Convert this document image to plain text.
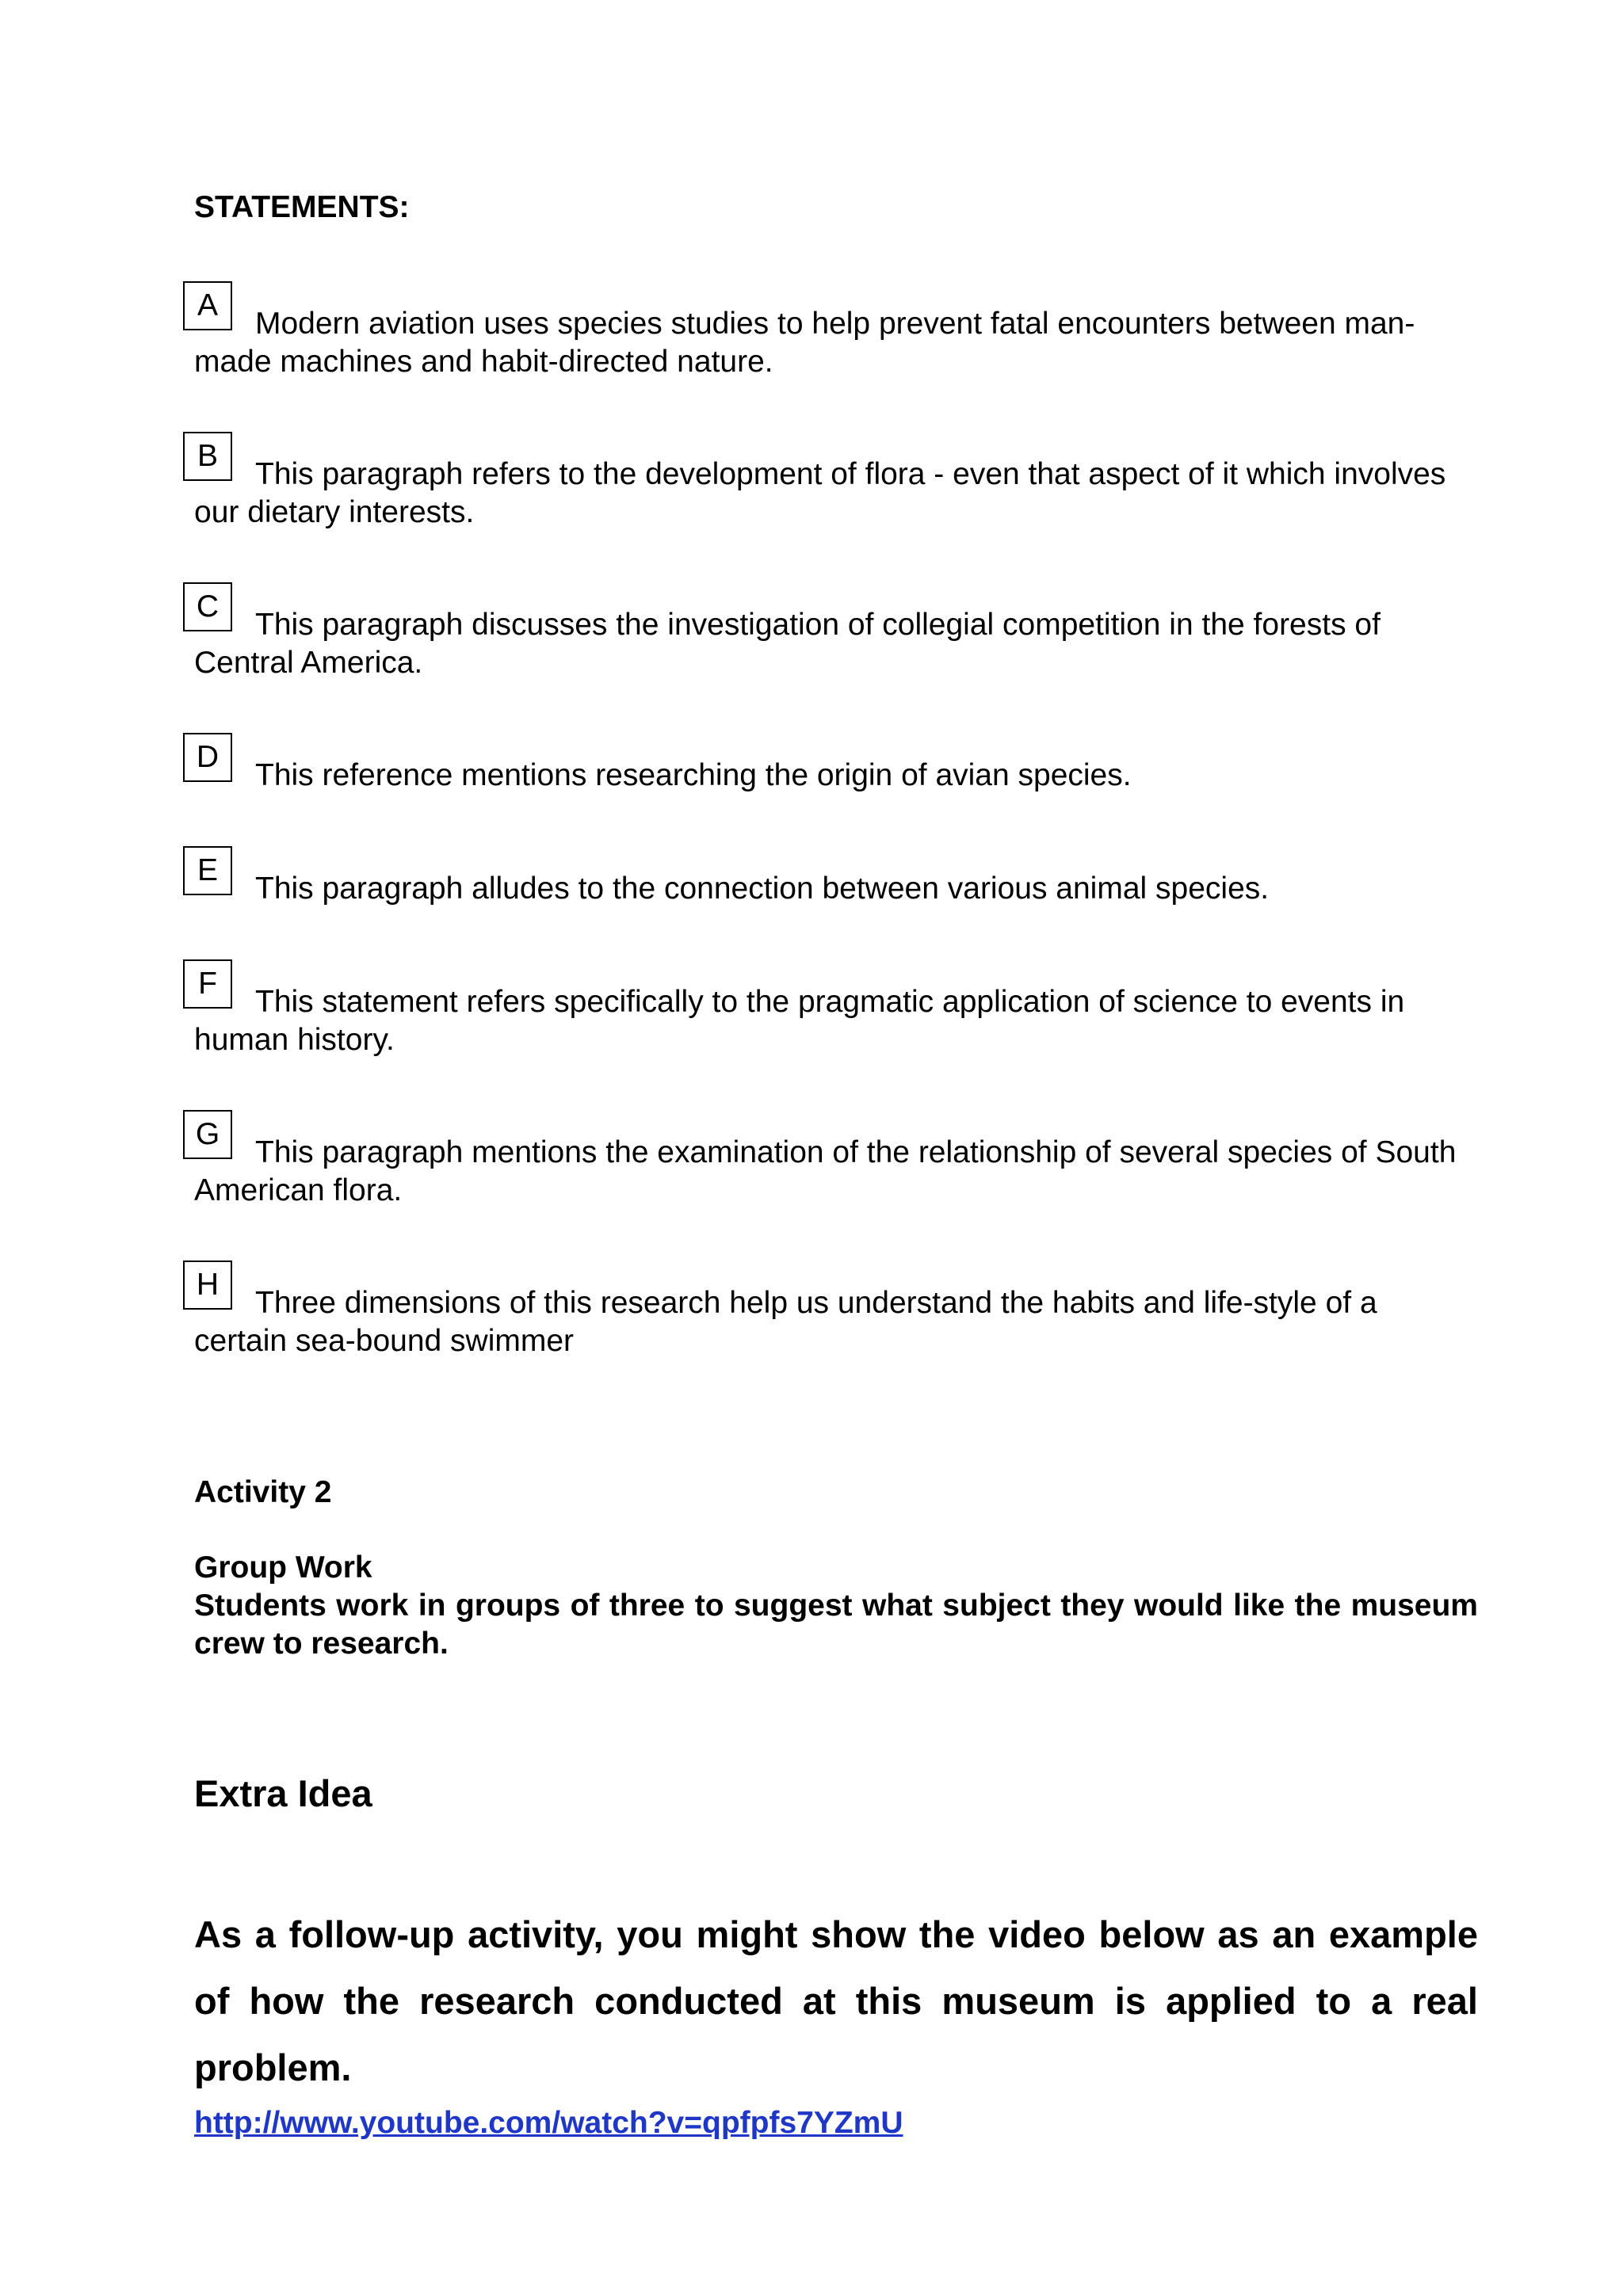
STATEMENTS:
A
Modern aviation uses species studies to help prevent fatal encounters between man-made machines and habit-directed nature.
B
This paragraph refers to the development of flora - even that aspect of it which involves our dietary interests.
C
This paragraph discusses the investigation of collegial competition in the forests of Central America.
D
This reference mentions researching the origin of avian species.
E
This paragraph alludes to the connection between various animal species.
F
This statement refers specifically to the pragmatic application of science to events in human history.
G
This paragraph mentions the examination of the relationship of several species of South American flora.
H
Three dimensions of this research help us understand the habits and life-style of a certain sea-bound swimmer
Activity 2
Group Work
Students work in groups of three to suggest what subject they would like the museum crew to research.
Extra Idea
As a follow-up activity, you might show the video below as an example of how the research conducted at this museum is applied to a real problem.
http://www.youtube.com/watch?v=qpfpfs7YZmU
